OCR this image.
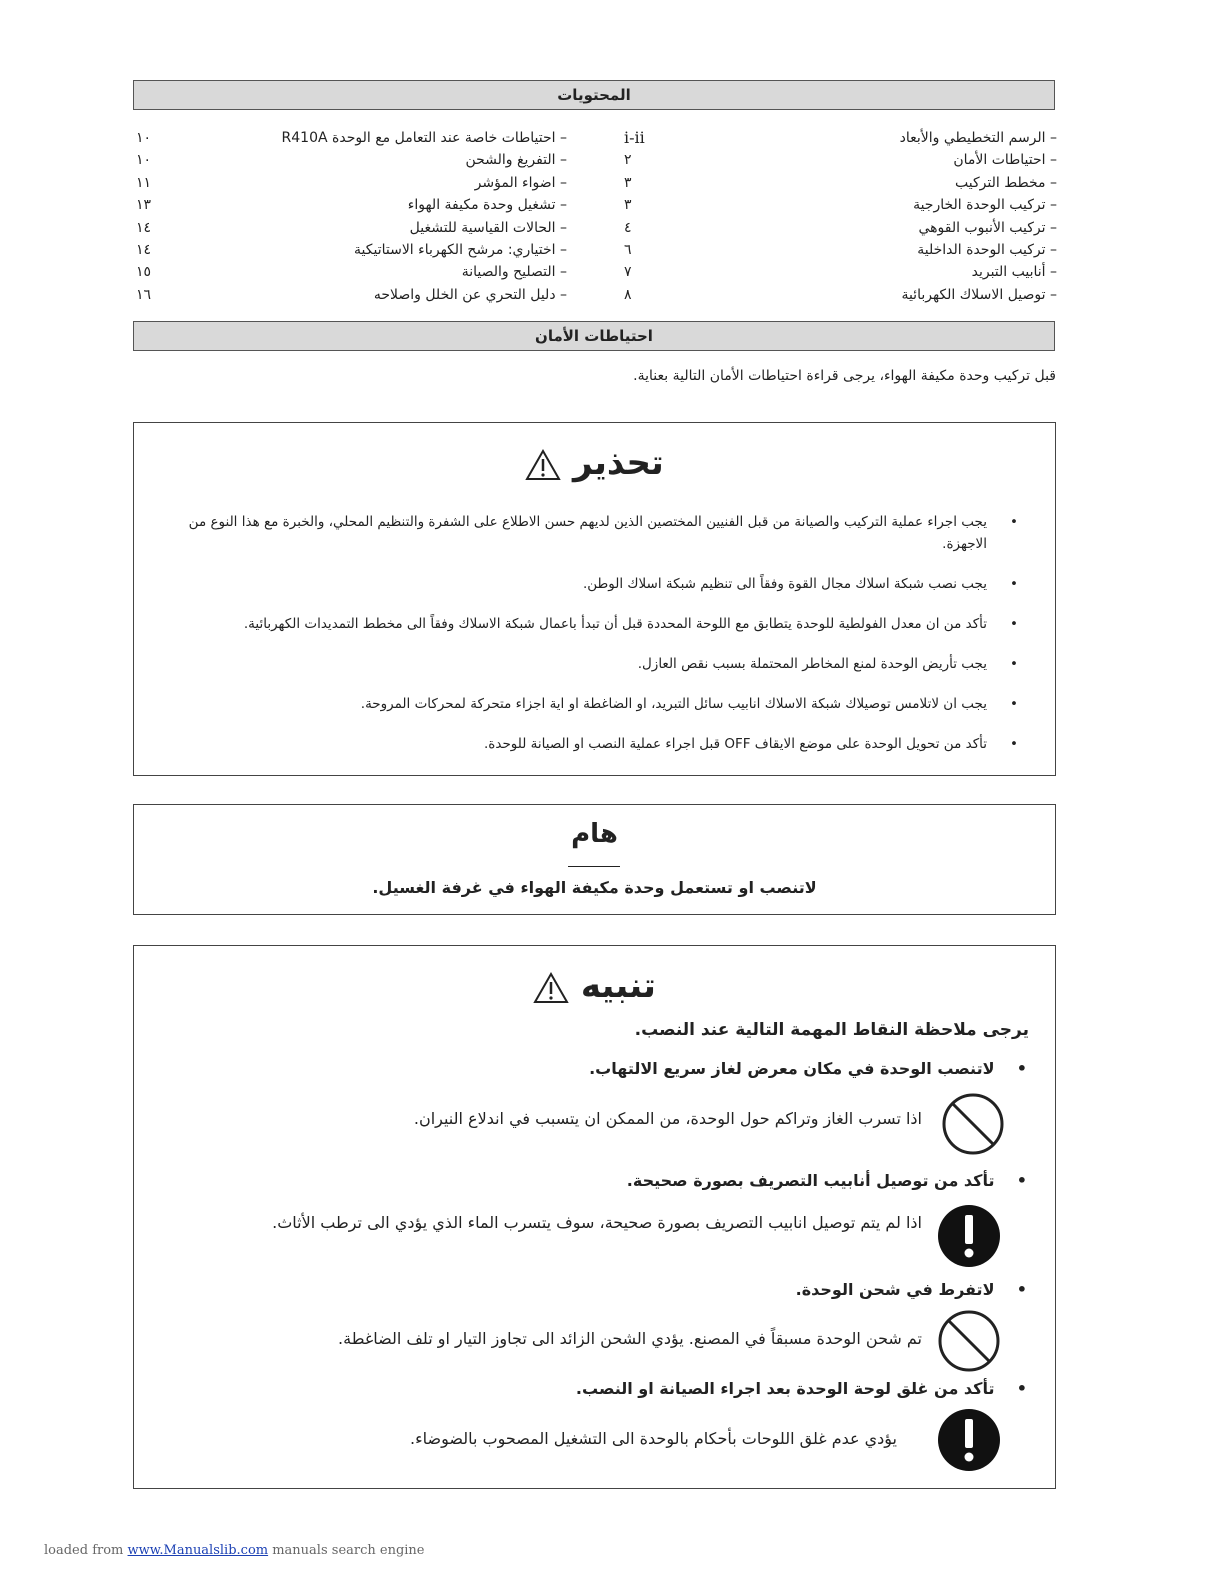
المحتويات
– الرسم التخطيطي والأبعاد
i-ii
– احتياطات الأمان
٢
– مخطط التركيب
٣
– تركيب الوحدة الخارجية
٣
– تركيب الأنبوب القوهي
٤
– تركيب الوحدة الداخلية
٦
– أنابيب التبريد
٧
– توصيل الاسلاك الكهربائية
٨
– احتياطات خاصة عند التعامل مع الوحدة R410A
١٠
– التفريغ والشحن
١٠
– اضواء المؤشر
١١
– تشغيل وحدة مكيفة الهواء
١٣
– الحالات القياسية للتشغيل
١٤
– اختياري: مرشح الكهرباء الاستاتيكية
١٤
– التصليح والصيانة
١٥
– دليل التحري عن الخلل واصلاحه
١٦
احتياطات الأمان
قبل تركيب وحدة مكيفة الهواء، يرجى قراءة احتياطات الأمان التالية بعناية.
تحذير
•
يجب اجراء عملية التركيب والصيانة من قبل الفنيين المختصين الذين لديهم حسن الاطلاع على الشفرة والتنظيم المحلي، والخبرة مع هذا النوع من الاجهزة.
•
يجب نصب شبكة اسلاك مجال القوة وفقاً الى تنظيم شبكة اسلاك الوطن.
•
تأكد من ان معدل الفولطية للوحدة يتطابق مع اللوحة المحددة قبل أن تبدأ باعمال شبكة الاسلاك وفقاً الى مخطط التمديدات الكهربائية.
•
يجب تأريض الوحدة لمنع المخاطر المحتملة بسبب نقص العازل.
•
يجب ان لاتلامس توصيلاك شبكة الاسلاك انابيب سائل التبريد، او الضاغطة او اية اجزاء متحركة لمحركات المروحة.
•
تأكد من تحويل الوحدة على موضع الايقاف OFF قبل اجراء عملية النصب او الصيانة للوحدة.
هام
لاتنصب او تستعمل وحدة مكيفة الهواء في غرفة الغسيل.
تنبيه
يرجى ملاحظة النقاط المهمة التالية عند النصب.
•    لاتنصب الوحدة في مكان معرض لغاز سريع الالتهاب.
اذا تسرب الغاز وتراكم حول الوحدة، من الممكن ان يتسبب في اندلاع النيران.
•    تأكد من توصيل أنابيب التصريف بصورة صحيحة.
اذا لم يتم توصيل انابيب التصريف بصورة صحيحة، سوف يتسرب الماء الذي يؤدي الى ترطب الأثاث.
•    لاتفرط في شحن الوحدة.
تم شحن الوحدة مسبقاً في المصنع. يؤدي الشحن الزائد الى تجاوز التيار او تلف الضاغطة.
•    تأكد من غلق لوحة الوحدة بعد اجراء الصيانة او النصب.
يؤدي عدم غلق اللوحات بأحكام بالوحدة الى التشغيل المصحوب بالضوضاء.
loaded from www.Manualslib.com manuals search engine
